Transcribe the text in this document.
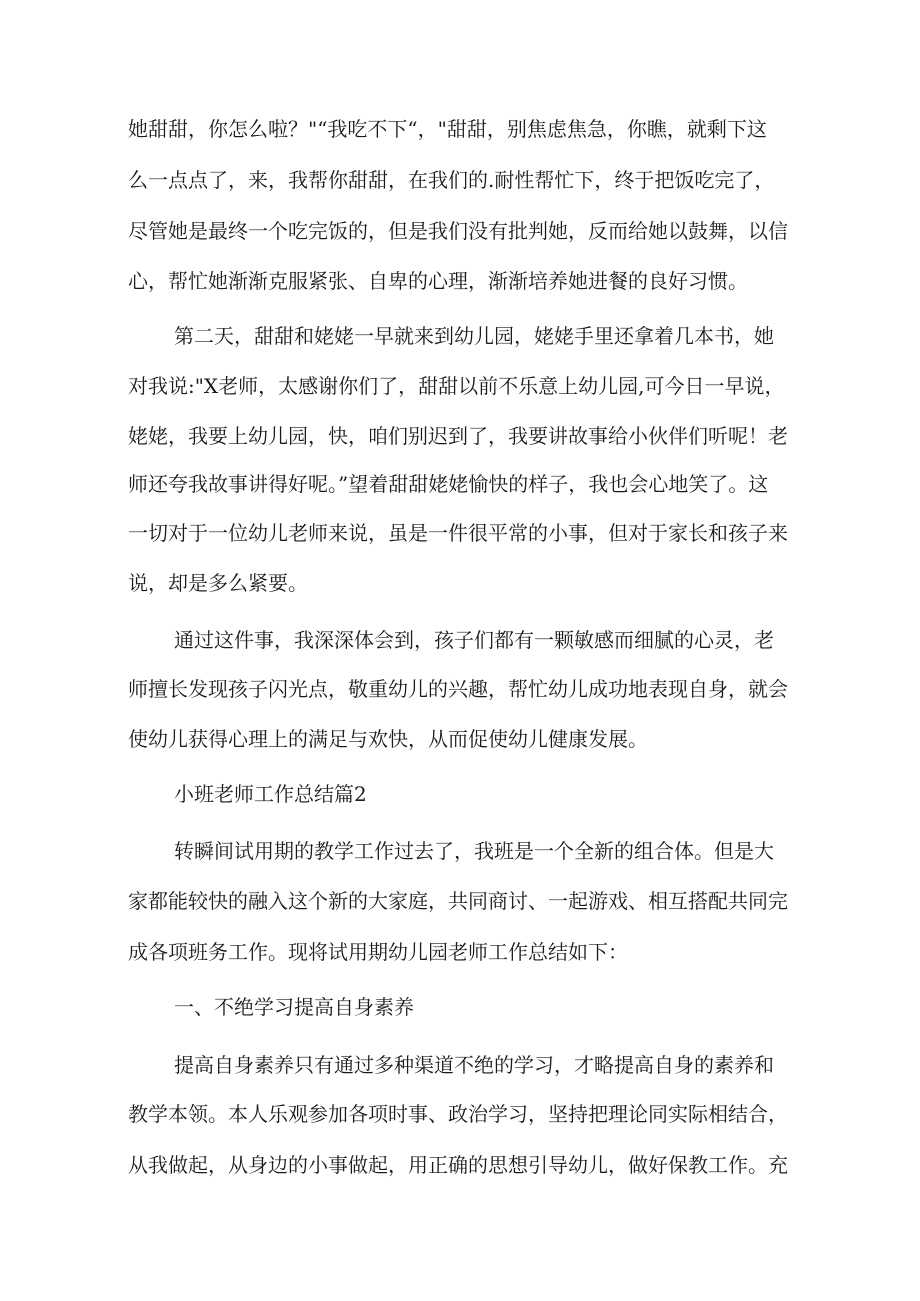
她甜甜，你怎么啦？"“我吃不下“，"甜甜，别焦虑焦急，你瞧，就剩下这
么一点点了，来，我帮你甜甜，在我们的.耐性帮忙下，终于把饭吃完了，
尽管她是最终一个吃完饭的，但是我们没有批判她，反而给她以鼓舞，以信
心，帮忙她渐渐克服紧张、自卑的心理，渐渐培养她进餐的良好习惯。
第二天，甜甜和姥姥一早就来到幼儿园，姥姥手里还拿着几本书，她
对我说:"X老师，太感谢你们了，甜甜以前不乐意上幼儿园,可今日一早说，
姥姥，我要上幼儿园，快，咱们别迟到了，我要讲故事给小伙伴们听呢！老
师还夸我故事讲得好呢。”望着甜甜姥姥愉快的样子，我也会心地笑了。这
一切对于一位幼儿老师来说，虽是一件很平常的小事，但对于家长和孩子来
说，却是多么紧要。
通过这件事，我深深体会到，孩子们都有一颗敏感而细腻的心灵，老
师擅长发现孩子闪光点，敬重幼儿的兴趣，帮忙幼儿成功地表现自身，就会
使幼儿获得心理上的满足与欢快，从而促使幼儿健康发展。
小班老师工作总结篇2
转瞬间试用期的教学工作过去了，我班是一个全新的组合体。但是大
家都能较快的融入这个新的大家庭，共同商讨、一起游戏、相互搭配共同完
成各项班务工作。现将试用期幼儿园老师工作总结如下：
一、不绝学习提高自身素养
提高自身素养只有通过多种渠道不绝的学习，才略提高自身的素养和
教学本领。本人乐观参加各项时事、政治学习，坚持把理论同实际相结合，
从我做起，从身边的小事做起，用正确的思想引导幼儿，做好保教工作。充
